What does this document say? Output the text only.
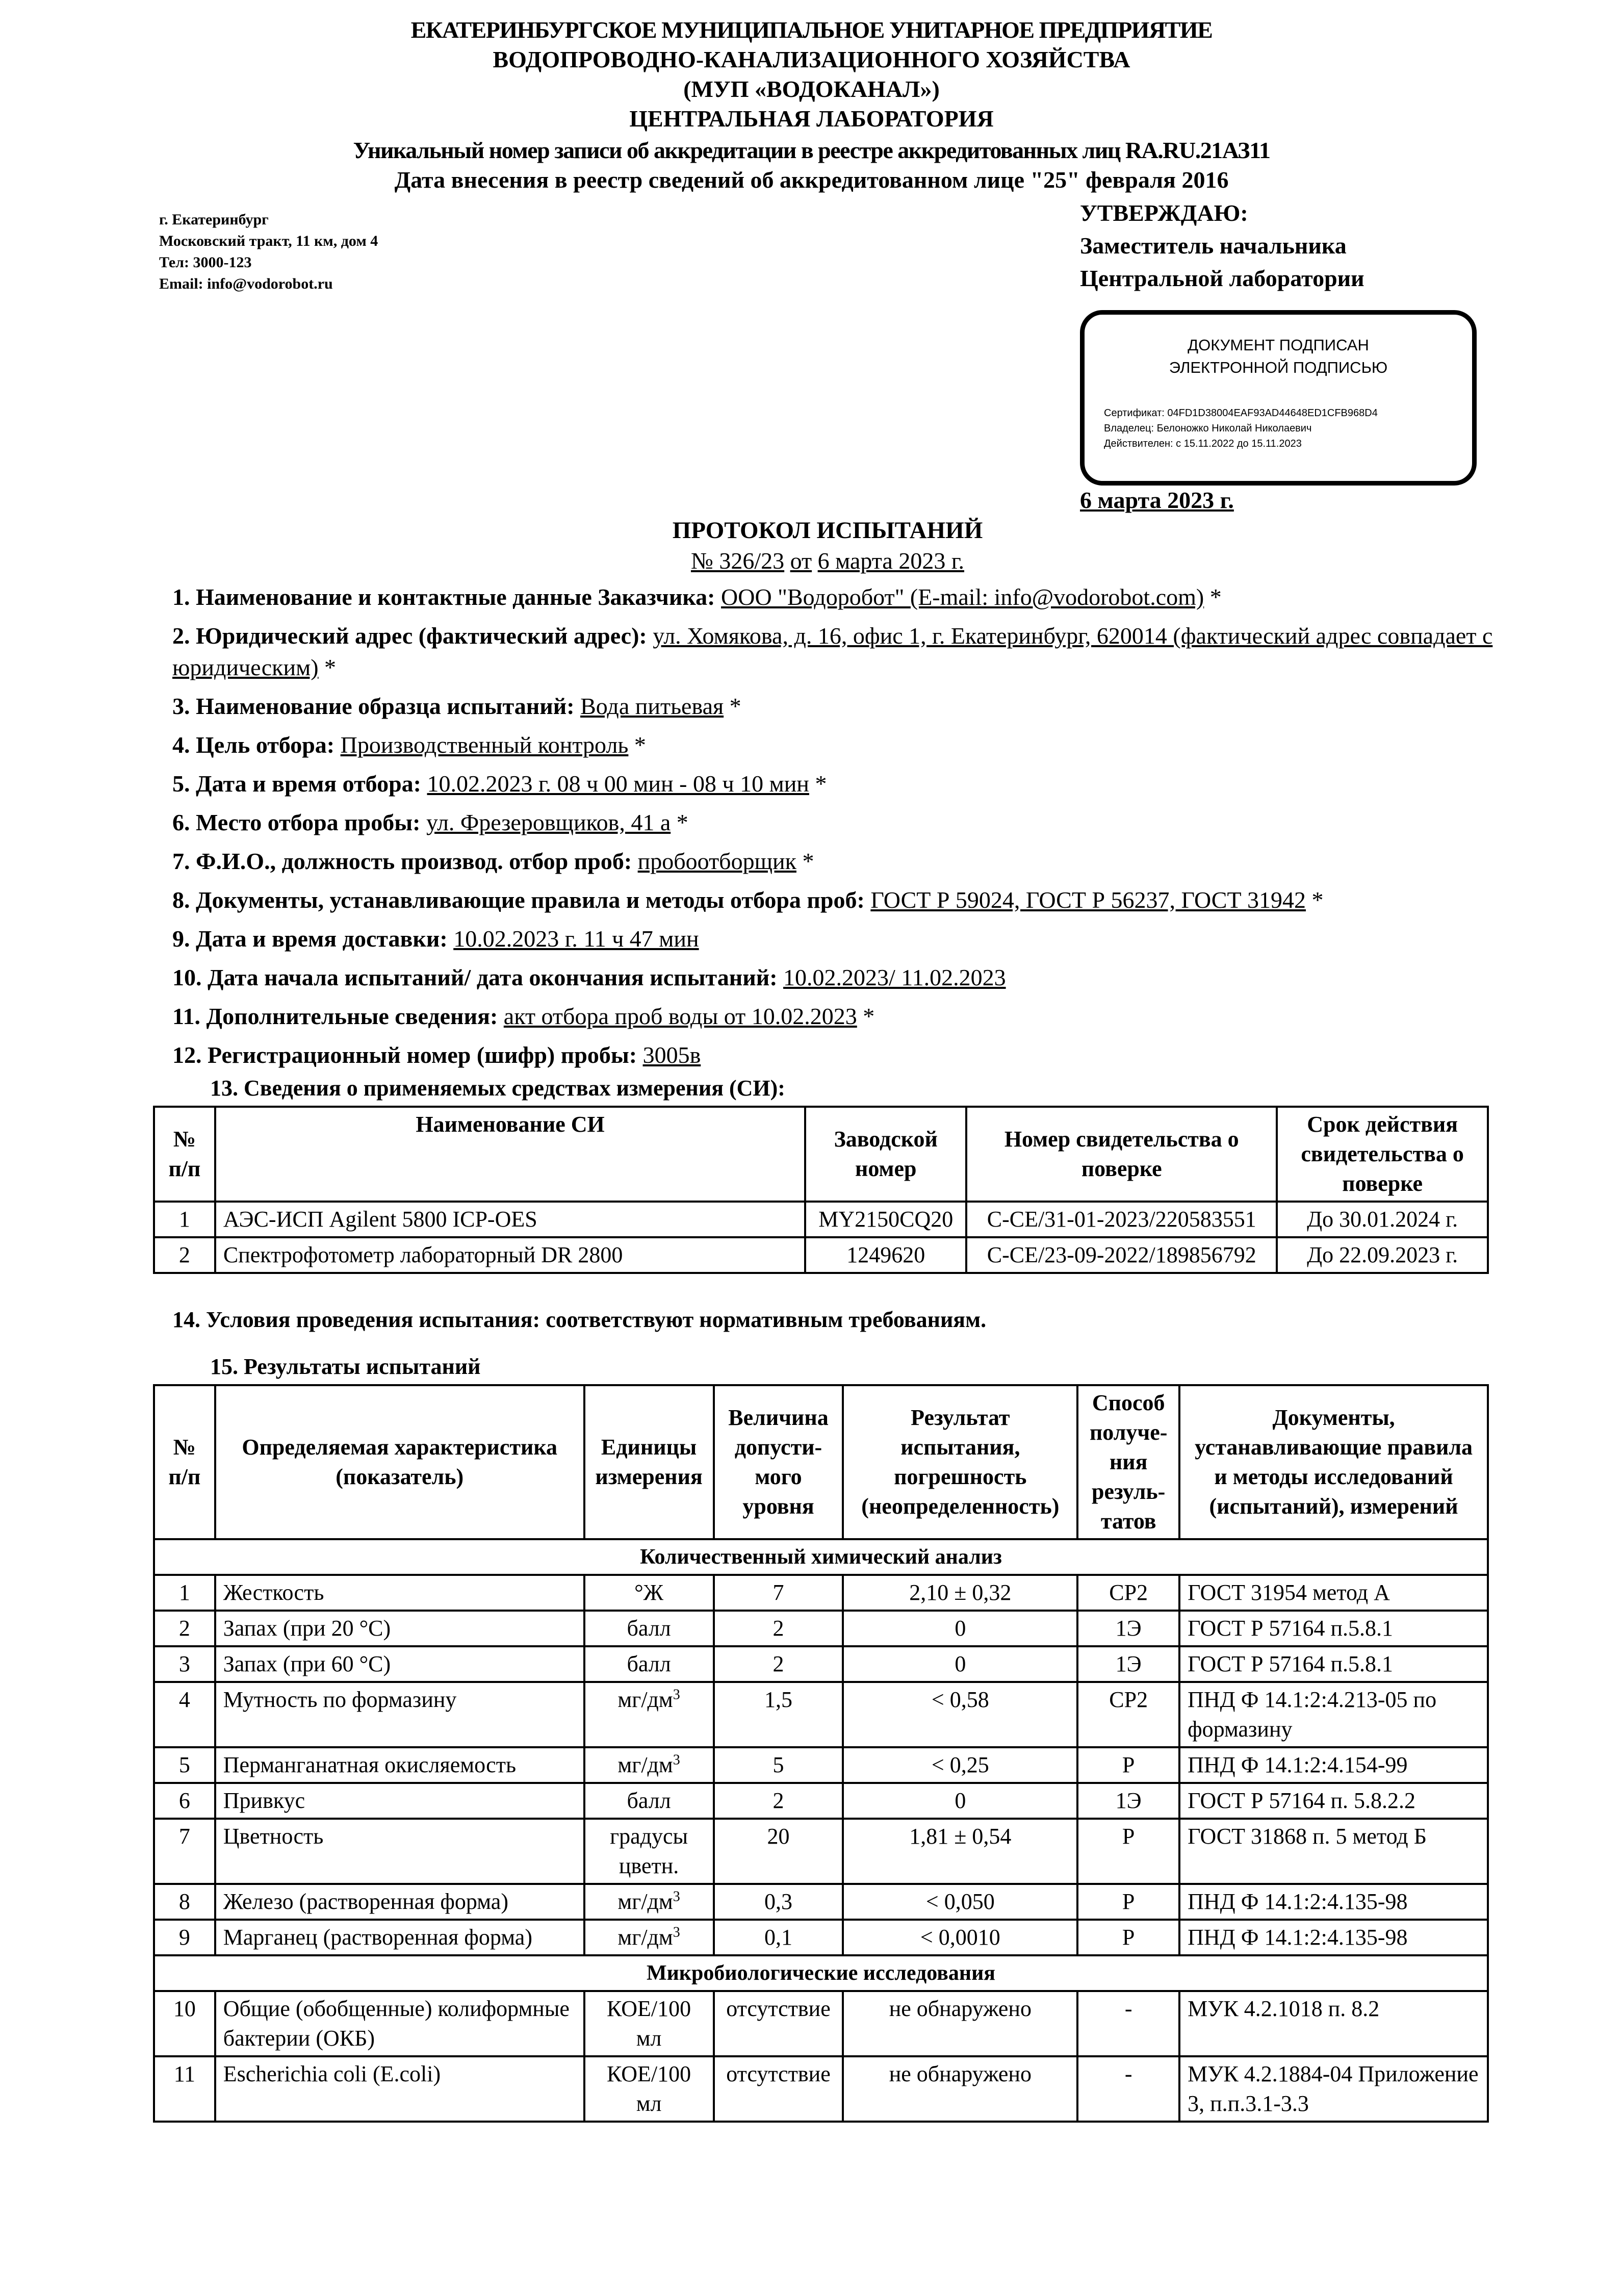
ЕКАТЕРИНБУРГСКОЕ МУНИЦИПАЛЬНОЕ УНИТАРНОЕ ПРЕДПРИЯТИЕ
ВОДОПРОВОДНО-КАНАЛИЗАЦИОННОГО ХОЗЯЙСТВА
(МУП «ВОДОКАНАЛ»)
ЦЕНТРАЛЬНАЯ ЛАБОРАТОРИЯ
Уникальный номер записи об аккредитации в реестре аккредитованных лиц RA.RU.21АЗ11
Дата внесения в реестр сведений об аккредитованном лице "25" февраля 2016
г. Екатеринбург
Московский тракт, 11 км, дом 4
Тел: 3000-123
Email: info@vodorobot.ru
УТВЕРЖДАЮ:
Заместитель начальника
Центральной лаборатории
ДОКУМЕНТ ПОДПИСАН
ЭЛЕКТРОННОЙ ПОДПИСЬЮ
Сертификат: 04FD1D38004EAF93AD44648ED1CFB968D4
Владелец: Белоножко Николай Николаевич
Действителен: с 15.11.2022 до 15.11.2023
6 марта 2023 г.
ПРОТОКОЛ ИСПЫТАНИЙ
№ 326/23 от 6 марта 2023 г.
1. Наименование и контактные данные Заказчика: ООО "Водоробот" (E-mail: info@vodorobot.com) *
2. Юридический адрес (фактический адрес): ул. Хомякова, д. 16, офис 1, г. Екатеринбург, 620014 (фактический адрес совпадает с юридическим) *
3. Наименование образца испытаний: Вода питьевая *
4. Цель отбора: Производственный контроль *
5. Дата и время отбора: 10.02.2023 г. 08 ч 00 мин - 08 ч 10 мин *
6. Место отбора пробы: ул. Фрезеровщиков, 41 а *
7. Ф.И.О., должность производ. отбор проб: пробоотборщик *
8. Документы, устанавливающие правила и методы отбора проб: ГОСТ Р 59024, ГОСТ Р 56237, ГОСТ 31942 *
9. Дата и время доставки: 10.02.2023 г. 11 ч 47 мин
10. Дата начала испытаний/ дата окончания испытаний: 10.02.2023/ 11.02.2023
11. Дополнительные сведения: акт отбора проб воды от 10.02.2023 *
12. Регистрационный номер (шифр) пробы: 3005в
13. Сведения о применяемых средствах измерения (СИ):
№ п/п	Наименование СИ	Заводской номер	Номер свидетельства о поверке	Срок действия свидетельства о поверке
1	АЭС-ИСП Agilent 5800 ICP-OES	MY2150CQ20	С-СЕ/31-01-2023/220583551	До 30.01.2024 г.
2	Спектрофотометр лабораторный DR 2800	1249620	С-СЕ/23-09-2022/189856792	До 22.09.2023 г.
14. Условия проведения испытания: соответствуют нормативным требованиям.
15. Результаты испытаний
№ п/п	Определяемая характеристика (показатель)	Единицы измерения	Величина допусти- мого уровня	Результат испытания, погрешность (неопределенность)	Способ получе- ния резуль- татов	Документы, устанавливающие правила и методы исследований (испытаний), измерений
Количественный химический анализ						
1	Жесткость	°Ж	7	2,10 ± 0,32	СР2	ГОСТ 31954 метод А
2	Запах (при 20 °С)	балл	2	0	1Э	ГОСТ Р 57164 п.5.8.1
3	Запах (при 60 °С)	балл	2	0	1Э	ГОСТ Р 57164 п.5.8.1
4	Мутность по формазину	$мг/дм^3$	1,5	< 0,58	СР2	ПНД Ф 14.1:2:4.213-05 по формазину
5	Перманганатная окисляемость	$мг/дм^3$	5	< 0,25	Р	ПНД Ф 14.1:2:4.154-99
6	Привкус	балл	2	0	1Э	ГОСТ Р 57164 п. 5.8.2.2
7	Цветность	градусы цветн.	20	1,81 ± 0,54	Р	ГОСТ 31868 п. 5 метод Б
8	Железо (растворенная форма)	$мг/дм^3$	0,3	< 0,050	Р	ПНД Ф 14.1:2:4.135-98
9	Марганец (растворенная форма)	$мг/дм^3$	0,1	< 0,0010	Р	ПНД Ф 14.1:2:4.135-98
Микробиологические исследования						
10	Общие (обобщенные) колиформные бактерии (ОКБ)	КОЕ/100 мл	отсутствие	не обнаружено	-	МУК 4.2.1018 п. 8.2
11	Escherichia coli (E.coli)	КОЕ/100 мл	отсутствие	не обнаружено	-	МУК 4.2.1884-04 Приложение 3, п.п.3.1-3.3
